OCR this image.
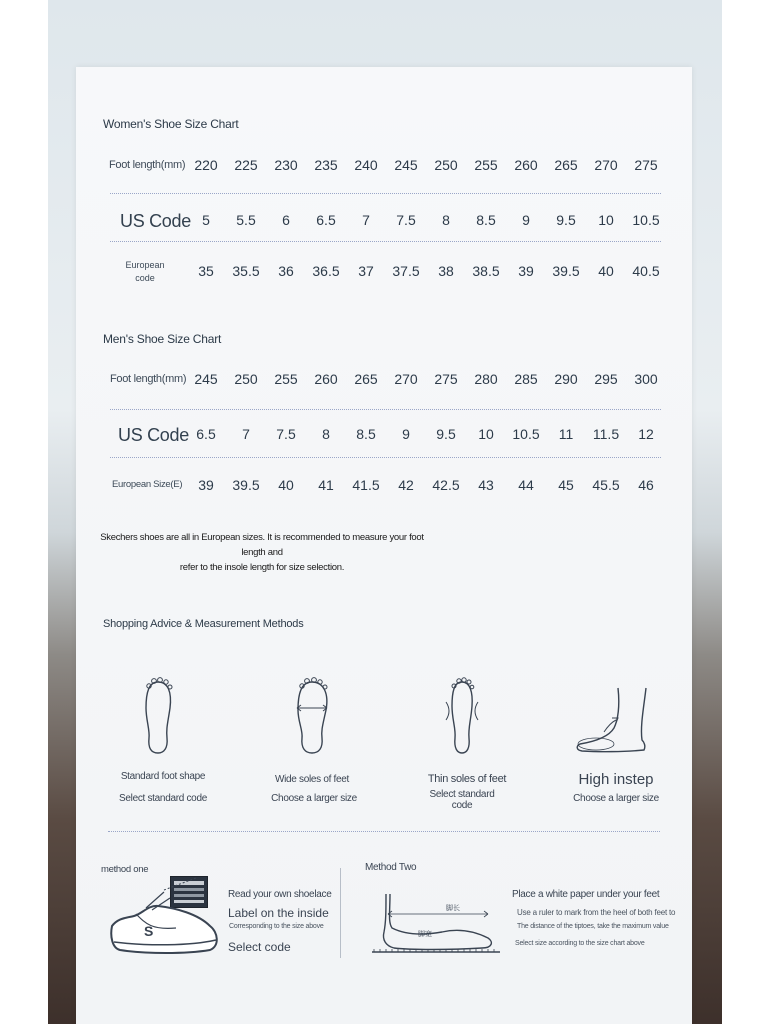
Women's Shoe Size Chart
Foot length(mm) 220	225	230	235	240	245	250	255	260	265	270	275
US Code 5	5.5	6	6.5	7	7.5	8	8.5	9	9.5	10	10.5
European
code	35	35.5	36	36.5	37	37.5	38	38.5	39	39.5	40	40.5
Men's Shoe Size Chart
Foot length(mm) 245	250	255	260	265	270	275	280	285	290	295	300
US Code 6.5	7	7.5	8	8.5	9	9.5	10	10.5	11	11.5	12
European Size(E)	39	39.5	40	41	41.5	42	42.5	43	44	45	45.5	46
Skechers shoes are all in European sizes. It is recommended to measure your foot length and
refer to the insole length for size selection.
Shopping Advice & Measurement Methods
Standard foot shape
Select standard code
Wide soles of feet
Choose a larger size
Thin soles of feet
Select standard
code
High instep
Choose a larger size
method one
S
Read your own shoelace
Label on the inside
Corresponding to the size above
Select code
Method Two
脚长
脚宽
Place a white paper under your feet
Use a ruler to mark from the heel of both feet to
The distance of the tiptoes, take the maximum value
Select size according to the size chart above
